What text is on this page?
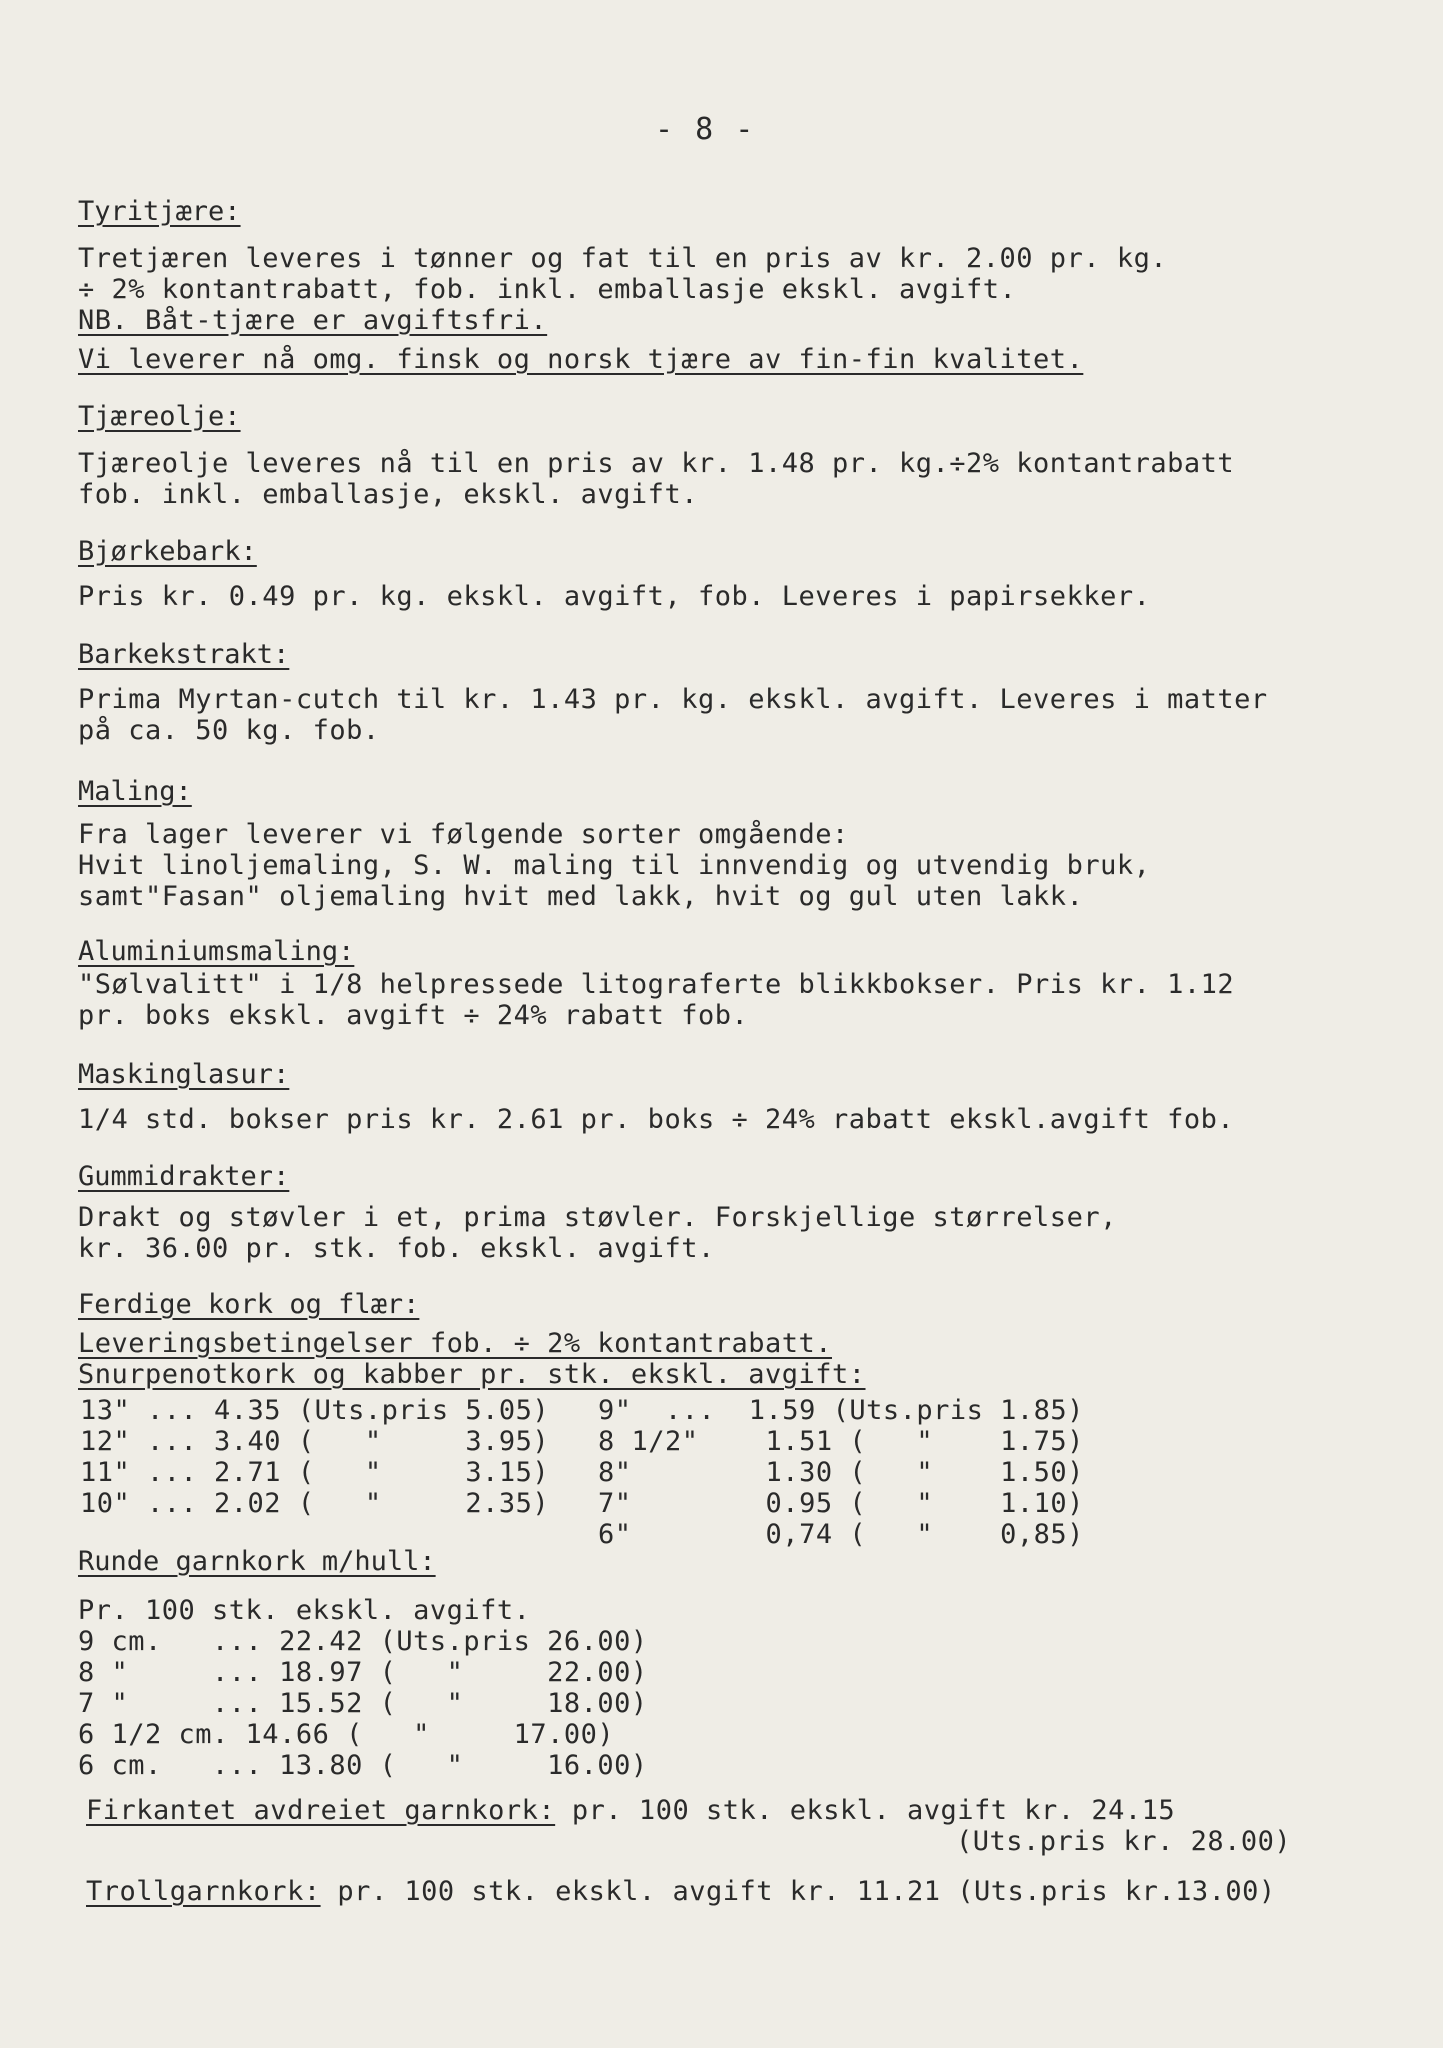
- 8 -
Tyritjære:
Tretjæren leveres i tønner og fat til en pris av kr. 2.00 pr. kg.
÷ 2% kontantrabatt, fob. inkl. emballasje ekskl. avgift.
NB. Båt-tjære er avgiftsfri.
Vi leverer nå omg. finsk og norsk tjære av fin-fin kvalitet.
Tjæreolje:
Tjæreolje leveres nå til en pris av kr. 1.48 pr. kg.÷2% kontantrabatt
fob. inkl. emballasje, ekskl. avgift.
Bjørkebark:
Pris kr. 0.49 pr. kg. ekskl. avgift, fob. Leveres i papirsekker.
Barkekstrakt:
Prima Myrtan-cutch til kr. 1.43 pr. kg. ekskl. avgift. Leveres i matter
på ca. 50 kg. fob.
Maling:
Fra lager leverer vi følgende sorter omgående:
Hvit linoljemaling, S. W. maling til innvendig og utvendig bruk,
samt"Fasan" oljemaling hvit med lakk, hvit og gul uten lakk.
Aluminiumsmaling:
"Sølvalitt" i 1/8 helpressede litograferte blikkbokser. Pris kr. 1.12
pr. boks ekskl. avgift ÷ 24% rabatt fob.
Maskinglasur:
1/4 std. bokser pris kr. 2.61 pr. boks ÷ 24% rabatt ekskl.avgift fob.
Gummidrakter:
Drakt og støvler i et, prima støvler. Forskjellige størrelser,
kr. 36.00 pr. stk. fob. ekskl. avgift.
Ferdige kork og flær:
Leveringsbetingelser fob. ÷ 2% kontantrabatt.
Snurpenotkork og kabber pr. stk. ekskl. avgift:
13" ... 4.35 (Uts.pris 5.05)
12" ... 3.40 (   "     3.95)
11" ... 2.71 (   "     3.15)
10" ... 2.02 (   "     2.35)
9"  ...  1.59 (Uts.pris 1.85)
8 1/2"    1.51 (   "    1.75)
8"        1.30 (   "    1.50)
7"        0.95 (   "    1.10)
6"        0,74 (   "    0,85)
Runde garnkork m/hull:
Pr. 100 stk. ekskl. avgift.
9 cm.   ... 22.42 (Uts.pris 26.00)
8 "     ... 18.97 (   "     22.00)
7 "     ... 15.52 (   "     18.00)
6 1/2 cm. 14.66 (   "     17.00)
6 cm.   ... 13.80 (   "     16.00)
Firkantet avdreiet garnkork: pr. 100 stk. ekskl. avgift kr. 24.15
(Uts.pris kr. 28.00)
Trollgarnkork: pr. 100 stk. ekskl. avgift kr. 11.21 (Uts.pris kr.13.00)
